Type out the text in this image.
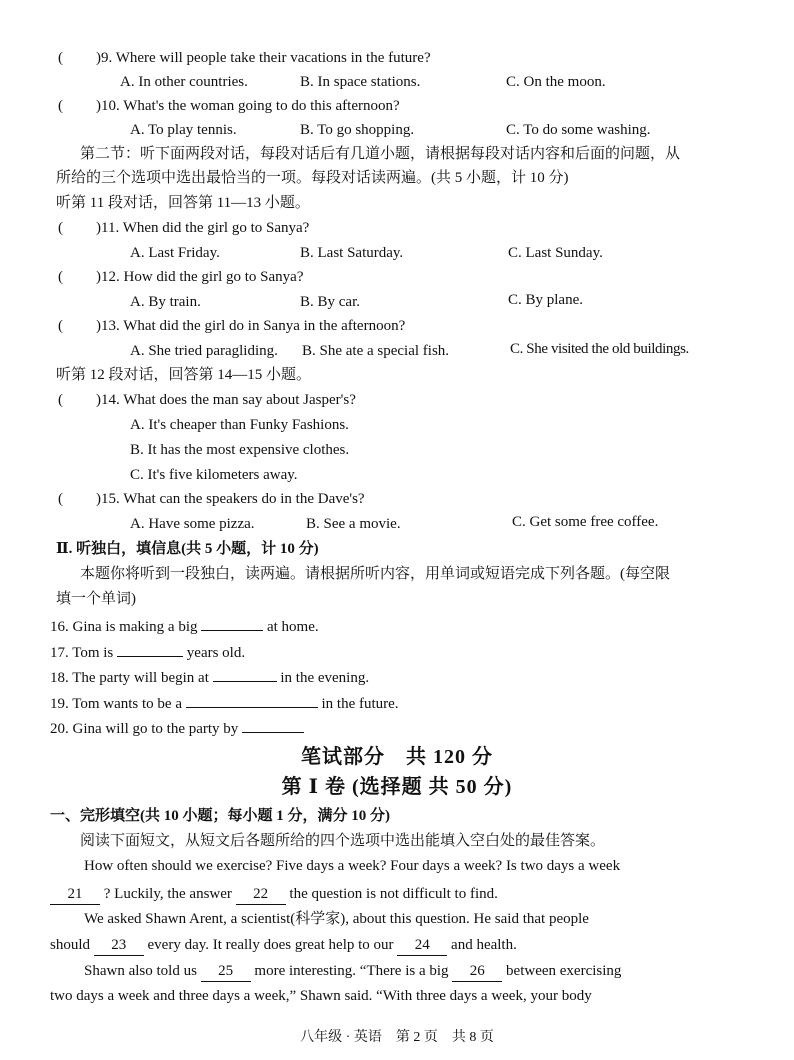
( )9. Where will people take their vacations in the future?
A. In other countries.	B. In space stations.	C. On the moon.
( )10. What's the woman going to do this afternoon?
A. To play tennis.	B. To go shopping.	C. To do some washing.
第二节：听下面两段对话，每段对话后有几道小题，请根据每段对话内容和后面的问题，从
所给的三个选项中选出最恰当的一项。每段对话读两遍。(共 5 小题，计 10 分)
听第 11 段对话，回答第 11—13 小题。
( )11. When did the girl go to Sanya?
A. Last Friday.	B. Last Saturday.	C. Last Sunday.
( )12. How did the girl go to Sanya?
A. By train.	B. By car.	C. By plane.
( )13. What did the girl do in Sanya in the afternoon?
A. She tried paragliding. B. She ate a special fish.	C. She visited the old buildings.
听第 12 段对话，回答第 14—15 小题。
( )14. What does the man say about Jasper's?
A. It's cheaper than Funky Fashions.
B. It has the most expensive clothes.
C. It's five kilometers away.
( )15. What can the speakers do in the Dave's?
A. Have some pizza.	B. See a movie.	C. Get some free coffee.
Ⅱ. 听独白，填信息(共 5 小题，计 10 分)
本题你将听到一段独白，读两遍。请根据所听内容，用单词或短语完成下列各题。(每空限
填一个单词)
16. Gina is making a big	at home.
17. Tom is	years old.
18. The party will begin at	in the evening.
19. Tom wants to be a	in the future.
20. Gina will go to the party by
笔试部分　共 120 分
第 Ⅰ 卷 (选择题 共 50 分)
一、完形填空(共 10 小题；每小题 1 分，满分 10 分)
阅读下面短文，从短文后各题所给的四个选项中选出能填入空白处的最佳答案。
How often should we exercise? Five days a week? Four days a week? Is two days a week
21 ? Luckily, the answer 22 the question is not difficult to find.
We asked Shawn Arent, a scientist(科学家), about this question. He said that people
should 23 every day. It really does great help to our 24 and health.
Shawn also told us 25 more interesting. “There is a big 26 between exercising
two days a week and three days a week,” Shawn said. “With three days a week, your body
八年级 · 英语　第 2 页　共 8 页
